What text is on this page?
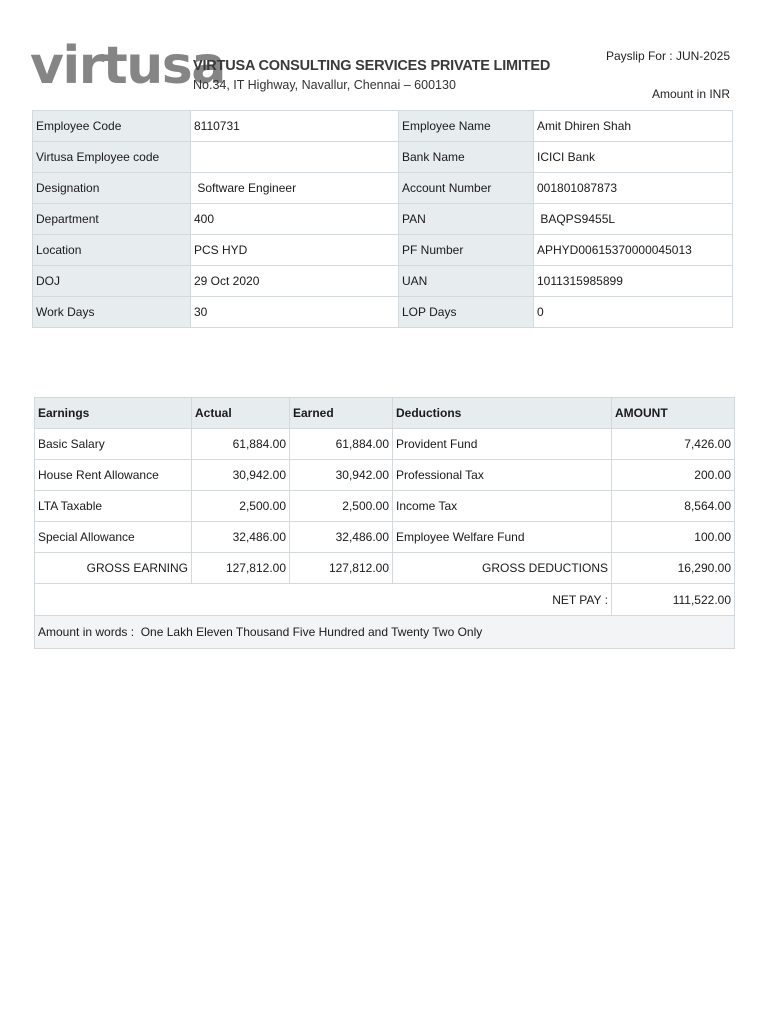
virtusa
VIRTUSA CONSULTING SERVICES PRIVATE LIMITED
No.34, IT Highway, Navallur, Chennai – 600130
Payslip For : JUN-2025
Amount in INR
Employee Code	8110731	Employee Name	Amit Dhiren Shah
Virtusa Employee code		Bank Name	ICICI Bank
Designation	Software Engineer	Account Number	001801087873
Department	400	PAN	BAQPS9455L
Location	PCS HYD	PF Number	APHYD00615370000045013
DOJ	29 Oct 2020	UAN	1011315985899
Work Days	30	LOP Days	0
Earnings	Actual	Earned	Deductions	AMOUNT
Basic Salary	61,884.00	61,884.00	Provident Fund	7,426.00
House Rent Allowance	30,942.00	30,942.00	Professional Tax	200.00
LTA Taxable	2,500.00	2,500.00	Income Tax	8,564.00
Special Allowance	32,486.00	32,486.00	Employee Welfare Fund	100.00
GROSS EARNING	127,812.00	127,812.00	GROSS DEDUCTIONS	16,290.00
NET PAY :				111,522.00
Amount in words :  One Lakh Eleven Thousand Five Hundred and Twenty Two Only				
